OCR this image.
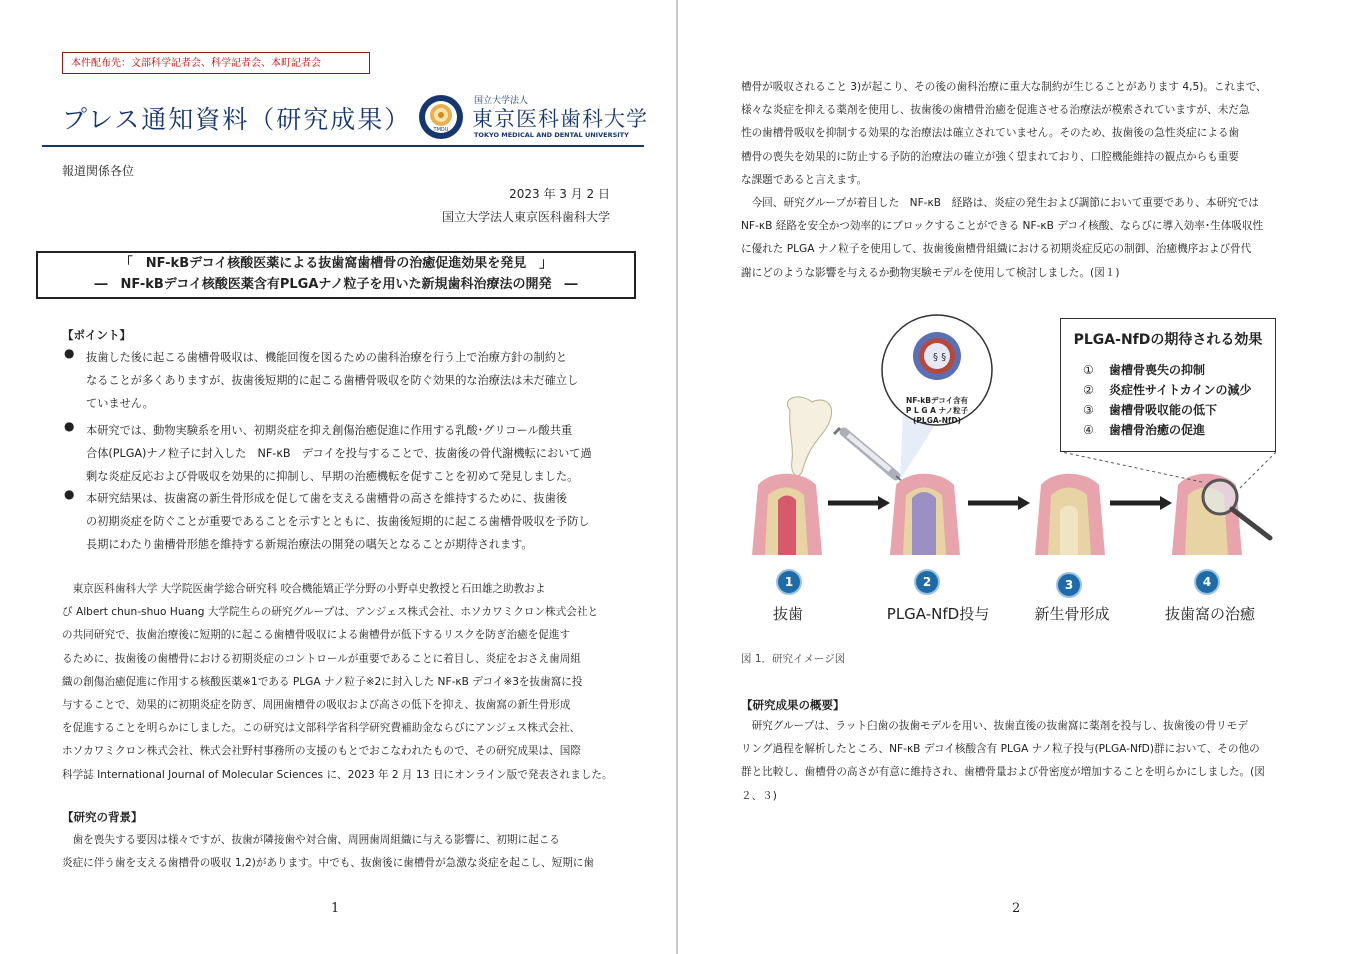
本件配布先：文部科学記者会、科学記者会、本町記者会
プレス通知資料（研究成果）	TMDU
国立大学法人
東京医科歯科大学
TOKYO MEDICAL AND DENTAL UNIVERSITY
報道関係各位
2023 年 3 月 2 日
国立大学法人東京医科歯科大学
「　NF-kBデコイ核酸医薬による抜歯窩歯槽骨の治癒促進効果を発見　」
―　NF-kBデコイ核酸医薬含有PLGAナノ粒子を用いた新規歯科治療法の開発　―
【ポイント】
● 抜歯した後に起こる歯槽骨吸収は、機能回復を図るための歯科治療を行う上で治療方針の制約と
なることが多くありますが、抜歯後短期的に起こる歯槽骨吸収を防ぐ効果的な治療法は未だ確立し
ていません。
● 本研究では、動物実験系を用い、初期炎症を抑え創傷治癒促進に作用する乳酸･グリコール酸共重
合体(PLGA)ナノ粒子に封入した　NF-κB　デコイを投与することで、抜歯後の骨代謝機転において過
剰な炎症反応および骨吸収を効果的に抑制し、早期の治癒機転を促すことを初めて発見しました。
● 本研究結果は、抜歯窩の新生骨形成を促して歯を支える歯槽骨の高さを維持するために、抜歯後
の初期炎症を防ぐことが重要であることを示すとともに、抜歯後短期的に起こる歯槽骨吸収を予防し
長期にわたり歯槽骨形態を維持する新規治療法の開発の嚆矢となることが期待されます。
　東京医科歯科大学 大学院医歯学総合研究科 咬合機能矯正学分野の小野卓史教授と石田雄之助教およ
び Albert chun-shuo Huang 大学院生らの研究グループは、アンジェス株式会社、ホソカワミクロン株式会社と
の共同研究で、抜歯治療後に短期的に起こる歯槽骨吸収による歯槽骨が低下するリスクを防ぎ治癒を促進す
るために、抜歯後の歯槽骨における初期炎症のコントロールが重要であることに着目し、炎症をおさえ歯周組
織の創傷治癒促進に作用する核酸医薬※1である PLGA ナノ粒子※2に封入した NF-κB デコイ※3を抜歯窩に投
与することで、効果的に初期炎症を防ぎ、周囲歯槽骨の吸収および高さの低下を抑え、抜歯窩の新生骨形成
を促進することを明らかにしました。この研究は文部科学省科学研究費補助金ならびにアンジェス株式会社、
ホソカワミクロン株式会社、株式会社野村事務所の支援のもとでおこなわれたもので、その研究成果は、国際
科学誌 International Journal of Molecular Sciences に、2023 年 2 月 13 日にオンライン版で発表されました。
【研究の背景】
　歯を喪失する要因は様々ですが、抜歯が隣接歯や対合歯、周囲歯周組織に与える影響に、初期に起こる
炎症に伴う歯を支える歯槽骨の吸収 1,2)があります。中でも、抜歯後に歯槽骨が急激な炎症を起こし、短期に歯
1
槽骨が吸収されること 3)が起こり、その後の歯科治療に重大な制約が生じることがあります 4,5)。これまで、
様々な炎症を抑える薬剤を使用し、抜歯後の歯槽骨治癒を促進させる治療法が模索されていますが、未だ急
性の歯槽骨吸収を抑制する効果的な治療法は確立されていません。そのため、抜歯後の急性炎症による歯
槽骨の喪失を効果的に防止する予防的治療法の確立が強く望まれており、口腔機能維持の観点からも重要
な課題であると言えます。
　今回、研究グループが着目した　NF-κB　経路は、炎症の発生および調節において重要であり、本研究では
NF-κB 経路を安全かつ効率的にブロックすることができる NF-κB デコイ核酸、ならびに導入効率･生体吸収性
に優れた PLGA ナノ粒子を使用して、抜歯後歯槽骨組織における初期炎症反応の制御、治癒機序および骨代
謝にどのような影響を与えるか動物実験モデルを使用して検討しました。(図１)
図 1．研究イメージ図
【研究成果の概要】
　研究グループは、ラット臼歯の抜歯モデルを用い、抜歯直後の抜歯窩に薬剤を投与し、抜歯後の骨リモデ
リング過程を解析したところ、NF-κB デコイ核酸含有 PLGA ナノ粒子投与(PLGA-NfD)群において、その他の
群と比較し、歯槽骨の高さが有意に維持され、歯槽骨量および骨密度が増加することを明らかにしました。(図
２、３)
2
§ §
NF-kBデコイ含有
P L G A ナノ粒子
(PLGA-NfD)
PLGA-NfDの期待される効果
① 歯槽骨喪失の抑制
② 炎症性サイトカインの減少
③ 歯槽骨吸収能の低下
④ 歯槽骨治癒の促進
1	2	3	4
抜歯	PLGA-NfD投与	新生骨形成	抜歯窩の治癒
